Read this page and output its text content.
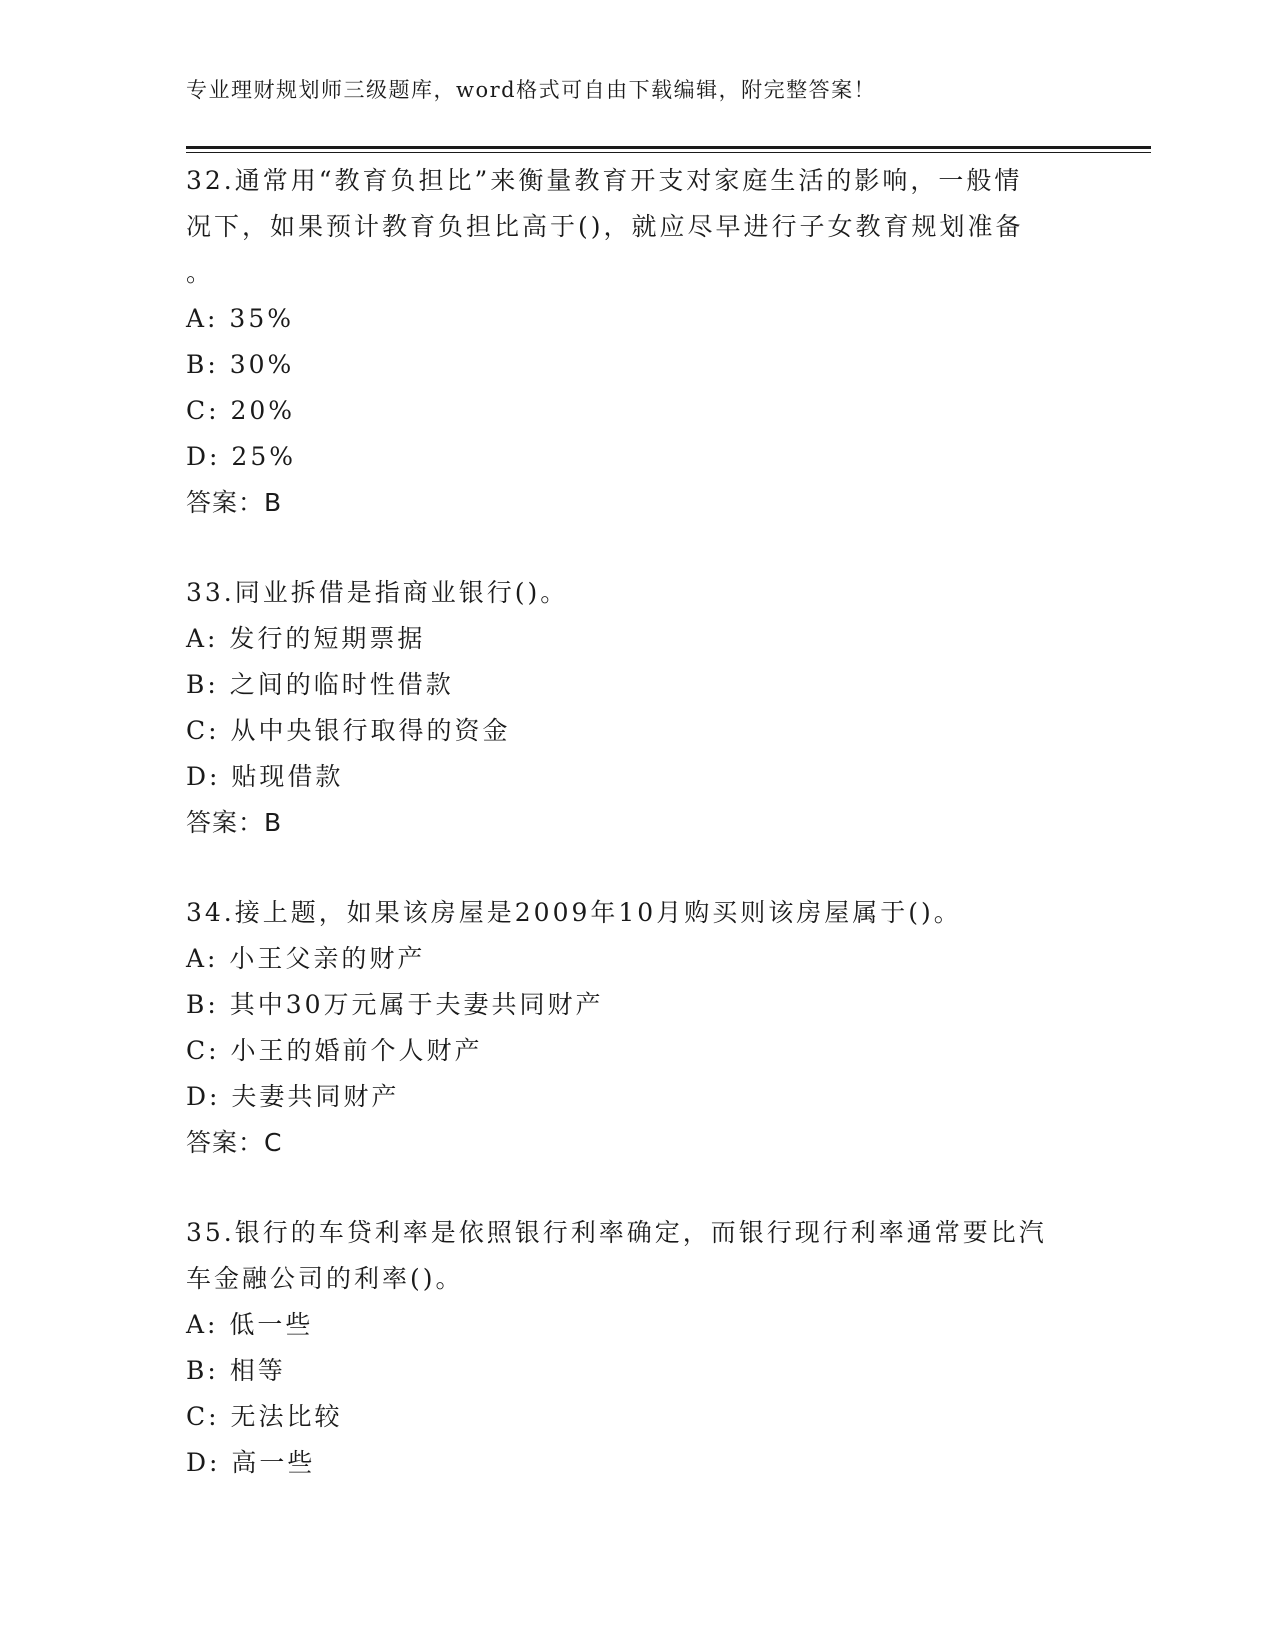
专业理财规划师三级题库，word格式可自由下载编辑，附完整答案！

32.通常用“教育负担比”来衡量教育开支对家庭生活的影响，一般情

况下，如果预计教育负担比高于()，就应尽早进行子女教育规划准备

。

A: 35%

B: 30%

C: 20%

D: 25%

答案：B

33.同业拆借是指商业银行()。

A: 发行的短期票据

B: 之间的临时性借款

C: 从中央银行取得的资金

D: 贴现借款

答案：B

34.接上题，如果该房屋是2009年10月购买则该房屋属于()。

A: 小王父亲的财产

B: 其中30万元属于夫妻共同财产

C: 小王的婚前个人财产

D: 夫妻共同财产

答案：C

35.银行的车贷利率是依照银行利率确定，而银行现行利率通常要比汽

车金融公司的利率()。

A: 低一些

B: 相等

C: 无法比较

D: 高一些
